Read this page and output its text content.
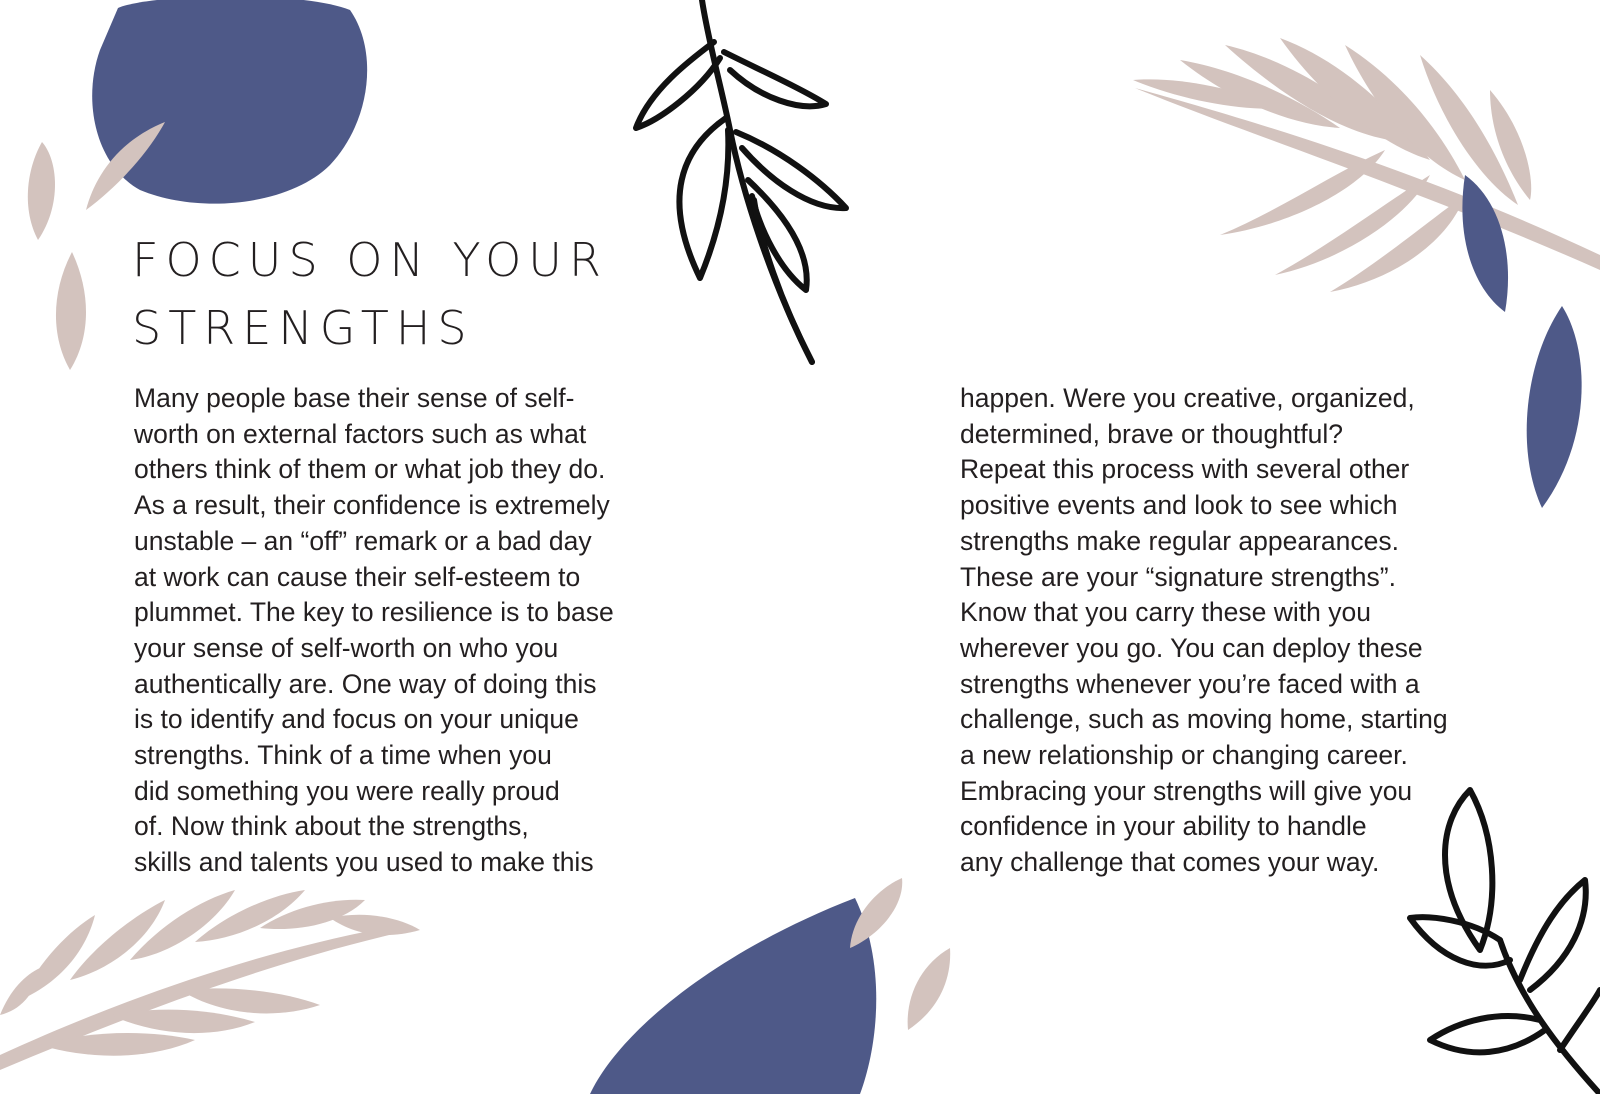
FOCUS ON YOUR
STRENGTHS
Many people base their sense of self-
worth on external factors such as what
others think of them or what job they do.
As a result, their confidence is extremely
unstable – an “off” remark or a bad day
at work can cause their self-esteem to
plummet. The key to resilience is to base
your sense of self-worth on who you
authentically are. One way of doing this
is to identify and focus on your unique
strengths. Think of a time when you
did something you were really proud
of. Now think about the strengths,
skills and talents you used to make this
happen. Were you creative, organized,
determined, brave or thoughtful?
Repeat this process with several other
positive events and look to see which
strengths make regular appearances.
These are your “signature strengths”.
Know that you carry these with you
wherever you go. You can deploy these
strengths whenever you’re faced with a
challenge, such as moving home, starting
a new relationship or changing career.
Embracing your strengths will give you
confidence in your ability to handle
any challenge that comes your way.
